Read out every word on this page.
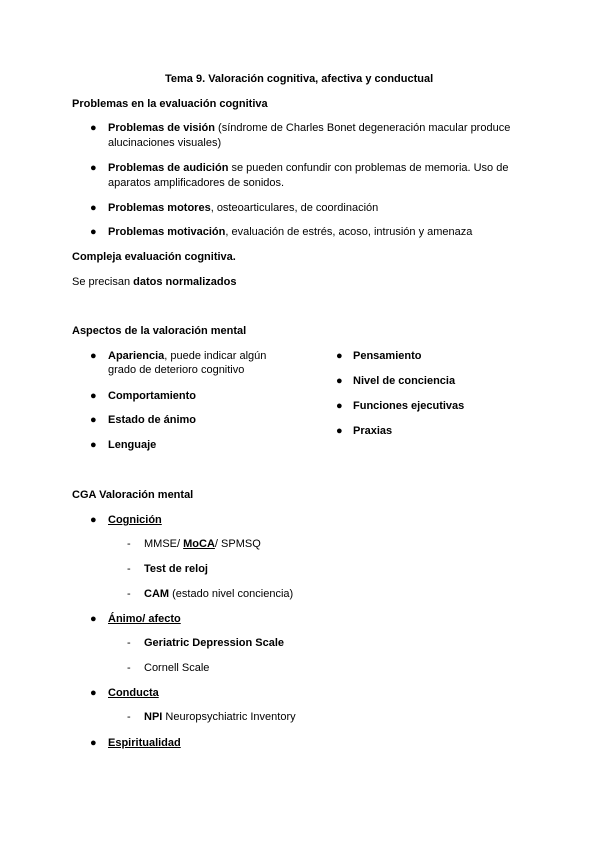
Tema 9. Valoración cognitiva, afectiva y conductual
Problemas en la evaluación cognitiva
● Problemas de visión (síndrome de Charles Bonet degeneración macular produce
alucinaciones visuales)
● Problemas de audición se pueden confundir con problemas de memoria. Uso de
aparatos amplificadores de sonidos.
● Problemas motores, osteoarticulares, de coordinación
● Problemas motivación, evaluación de estrés, acoso, intrusión y amenaza
Compleja evaluación cognitiva.
Se precisan datos normalizados
Aspectos de la valoración mental
● Apariencia, puede indicar algún
grado de deterioro cognitivo
● Comportamiento
● Estado de ánimo
● Lenguaje
● Pensamiento
● Nivel de conciencia
● Funciones ejecutivas
● Praxias
CGA Valoración mental
● Cognición
- MMSE/ MoCA/ SPMSQ
- Test de reloj
- CAM (estado nivel conciencia)
● Ánimo/ afecto
- Geriatric Depression Scale
- Cornell Scale
● Conducta
- NPI Neuropsychiatric Inventory
● Espiritualidad
